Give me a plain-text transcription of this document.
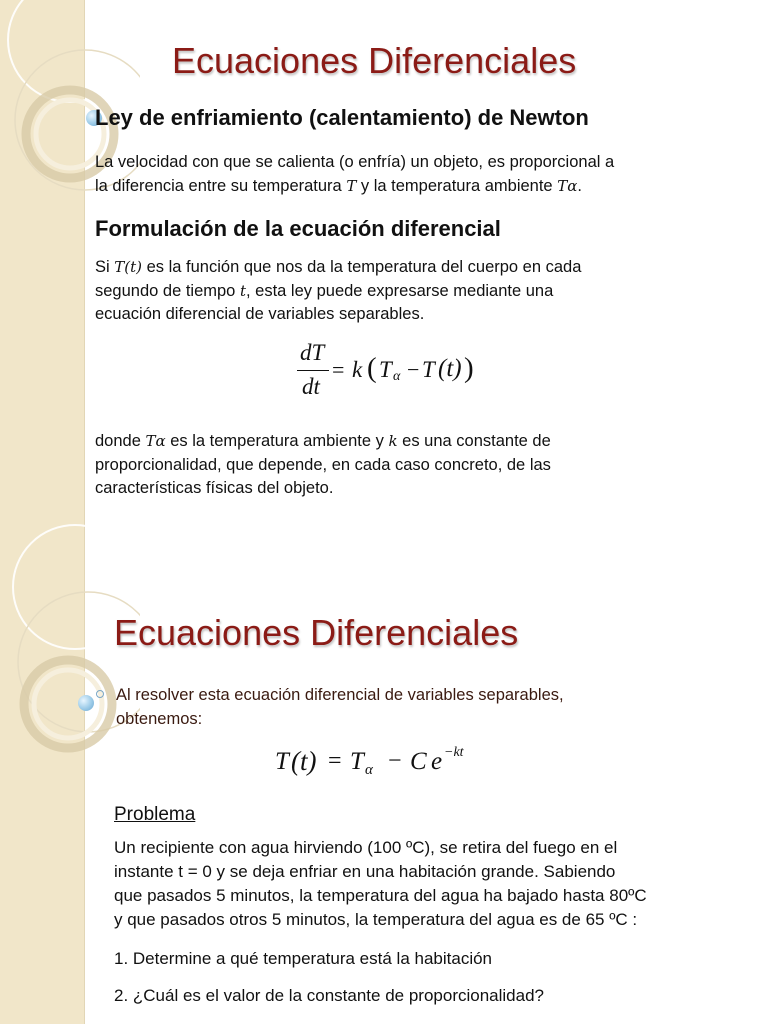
Ecuaciones Diferenciales
Ley de enfriamiento (calentamiento) de Newton
La velocidad con que se calienta (o enfría) un objeto, es proporcional a
la diferencia entre su temperatura T y la temperatura ambiente Tα.
Formulación de la ecuación diferencial
Si T(t) es la función que nos da la temperatura del cuerpo en cada
segundo de tiempo t, esta ley puede expresarse mediante una
ecuación diferencial de variables separables.
dT
dt
= k ( T α − T (t) )
donde Tα es la temperatura ambiente y k es una constante de
proporcionalidad, que depende, en cada caso concreto, de las
características físicas del objeto.
Ecuaciones Diferenciales
Al resolver esta ecuación diferencial de variables separables,
obtenemos:
T (t) = T α − C e −kt
Problema
Un recipiente con agua hirviendo (100 ºC), se retira del fuego en el
instante t = 0 y se deja enfriar en una habitación grande. Sabiendo
que pasados 5 minutos, la temperatura del agua ha bajado hasta 80ºC
y que pasados otros 5 minutos, la temperatura del agua es de 65 ºC :
1. Determine a qué temperatura está la habitación
2. ¿Cuál es el valor de la constante de proporcionalidad?
